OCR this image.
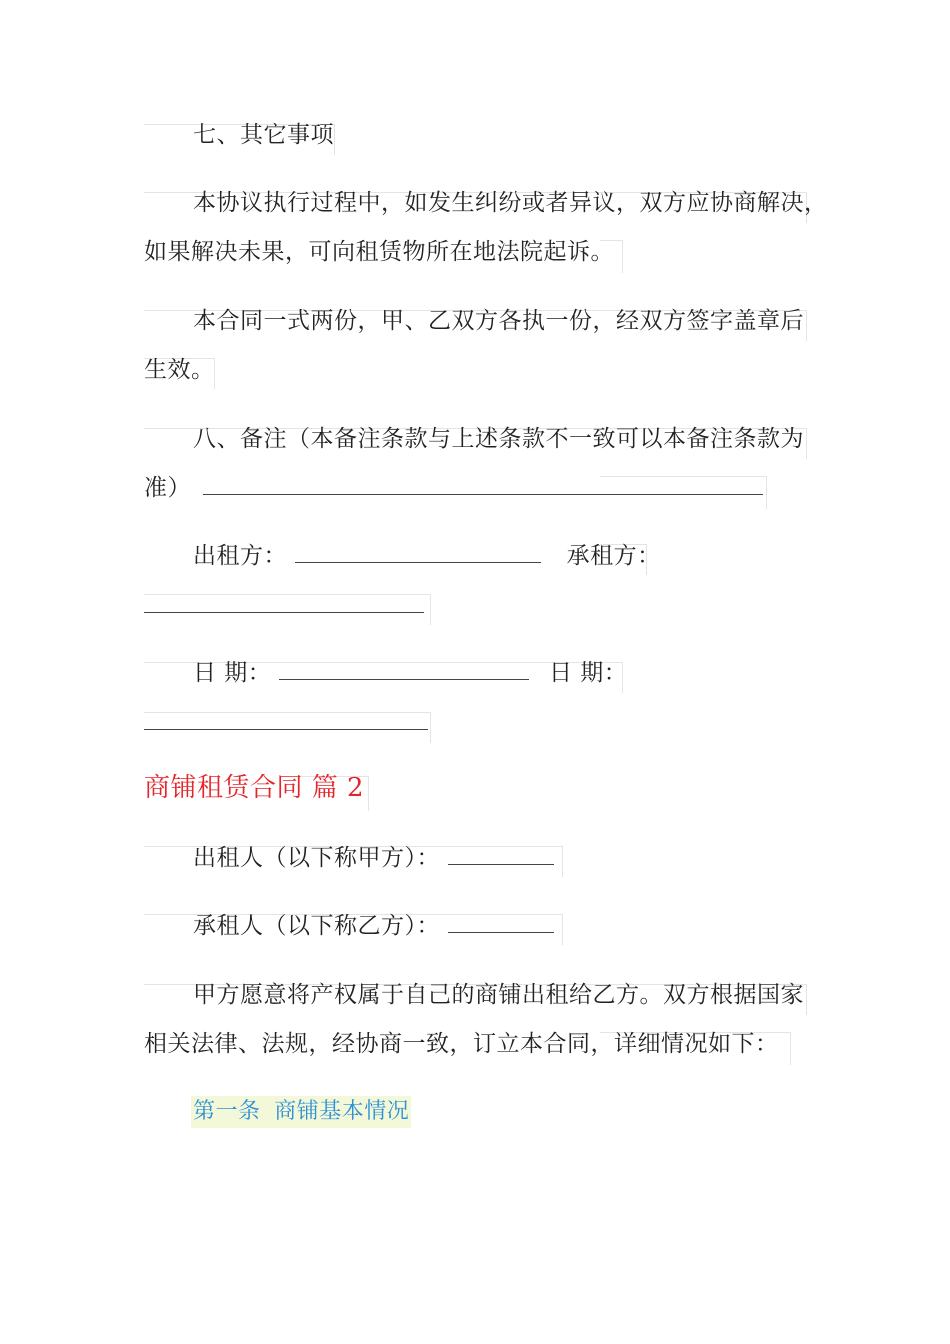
七、其它事项
本协议执行过程中，如发生纠纷或者异议，双方应协商解决，
如果解决未果，可向租赁物所在地法院起诉。
本合同一式两份，甲、乙双方各执一份，经双方签字盖章后
生效。
八、备注（本备注条款与上述条款不一致可以本备注条款为
准）
出租方：	承租方：
日 期：	日 期：
商铺租赁合同 篇 2
出租人（以下称甲方）：
承租人（以下称乙方）：
甲方愿意将产权属于自己的商铺出租给乙方。双方根据国家
相关法律、法规，经协商一致，订立本合同，详细情况如下：
第一条 商铺基本情况
